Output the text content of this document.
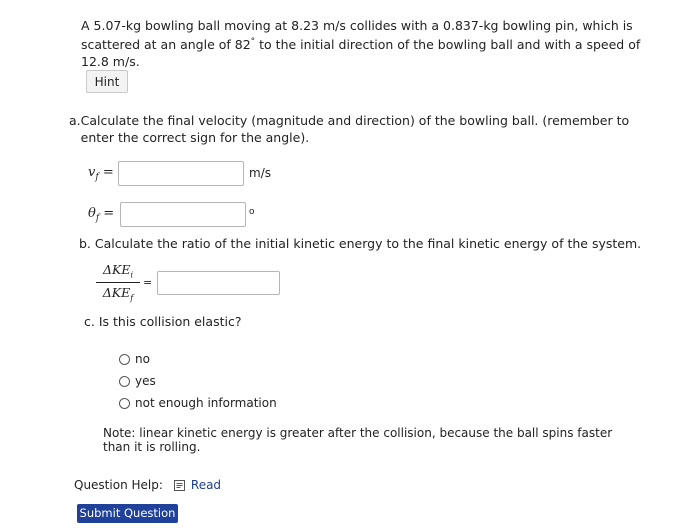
A 5.07-kg bowling ball moving at 8.23 m/s collides with a 0.837-kg bowling pin, which is scattered at an angle of 82° to the initial direction of the bowling ball and with a speed of 12.8 m/s.
Hint
a. Calculate the final velocity (magnitude and direction) of the bowling ball. (remember to enter the correct sign for the angle).
$v_f$ =	m/s
$\theta_f$ =	o
b. Calculate the ratio of the initial kinetic energy to the final kinetic energy of the system.
$\Delta KE_i$
$\Delta KE_f$
=
c. Is this collision elastic?
no
yes
not enough information
Note: linear kinetic energy is greater after the collision, because the ball spins faster than it is rolling.
Question Help: Read
Submit Question
